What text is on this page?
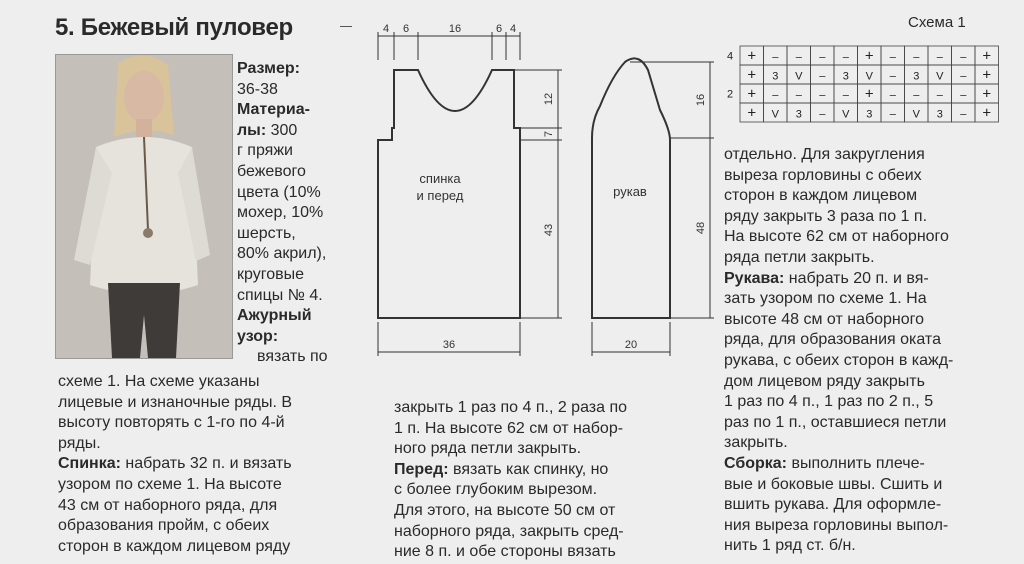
5. Бежевый пуловер
Размер:
36-38
Материа-
лы: 300
г пряжи
бежевого
цвета (10%
мохер, 10%
шерсть,
80% акрил),
круговые
спицы № 4.
Ажурный
узор:
вязать по
схеме 1. На схеме указаны
лицевые и изнаночные ряды. В
высоту повторять с 1-го по 4-й
ряды.
Спинка: набрать 32 п. и вязать
узором по схеме 1. На высоте
43 см от наборного ряда, для
образования пройм, с обеих
сторон в каждом лицевом ряду
закрыть 1 раз по 4 п., 2 раза по
1 п. На высоте 62 см от набор-
ного ряда петли закрыть.
Перед: вязать как спинку, но
с более глубоким вырезом.
Для этого, на высоте 50 см от
наборного ряда, закрыть сред-
ние 8 п. и обе стороны вязать
отдельно. Для закругления
выреза горловины с обеих
сторон в каждом лицевом
ряду закрыть 3 раза по 1 п.
На высоте 62 см от наборного
ряда петли закрыть.
Рукава: набрать 20 п. и вя-
зать узором по схеме 1. На
высоте 48 см от наборного
ряда, для образования оката
рукава, с обеих сторон в кажд-
дом лицевом ряду закрыть
1 раз по 4 п., 1 раз по 2 п., 5
раз по 1 п., оставшиеся петли
закрыть.
Сборка: выполнить плече-
вые и боковые швы. Сшить и
вшить рукава. Для оформле-
ния выреза горловины выпол-
нить 1 ряд ст. б/н.
4 6	16	6 4
12
7
43
36
16
48
20
спинка
и перед	рукав
Схема 1
+ – – – – + – – – – +
+ 3 V – 3 V – 3 V – +
+ – – – – + – – – – +
+ V 3 – V 3 – V 3 – +
4
2
